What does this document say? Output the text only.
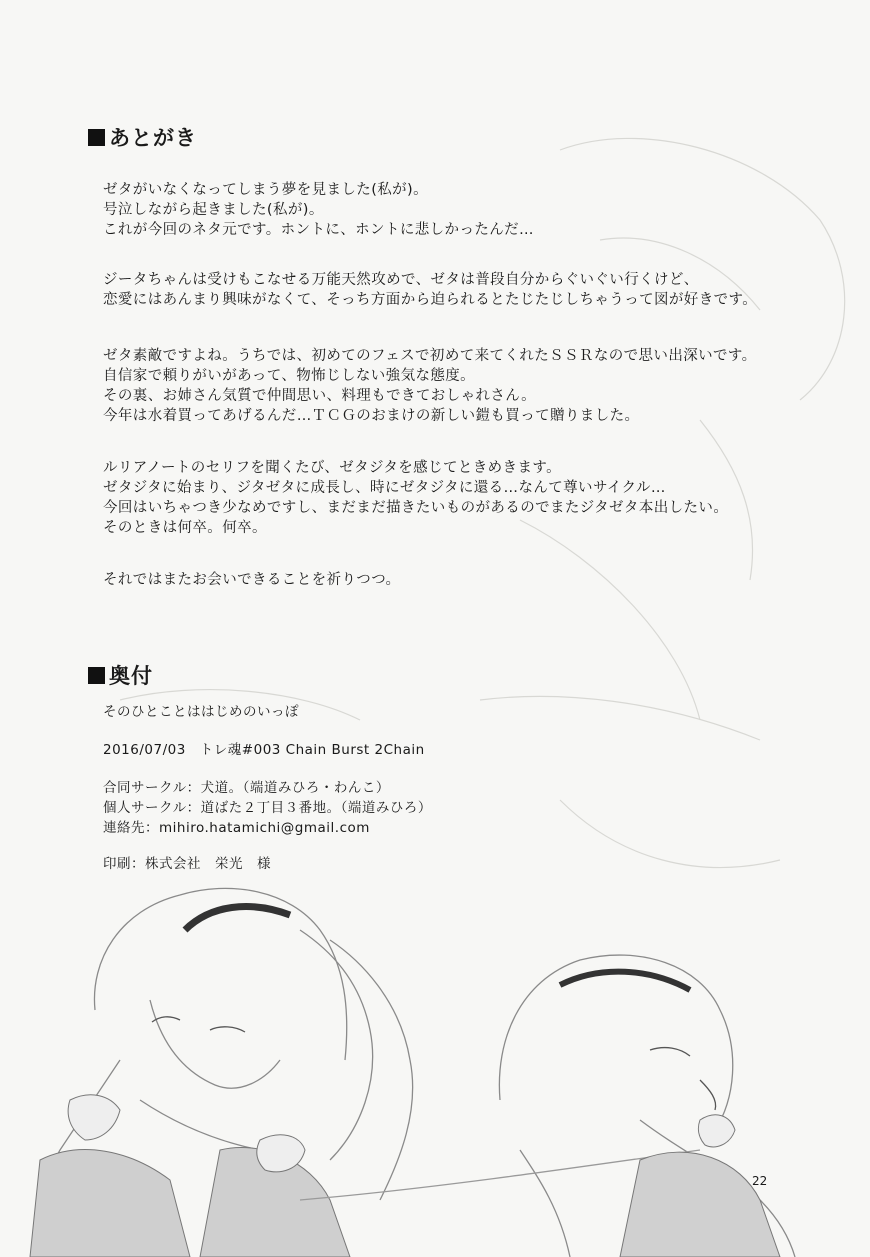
あとがき
ゼタがいなくなってしまう夢を見ました(私が)。
号泣しながら起きました(私が)。
これが今回のネタ元です。ホントに、ホントに悲しかったんだ…
ジータちゃんは受けもこなせる万能天然攻めで、ゼタは普段自分からぐいぐい行くけど、
恋愛にはあんまり興味がなくて、そっち方面から迫られるとたじたじしちゃうって図が好きです。
ゼタ素敵ですよね。うちでは、初めてのフェスで初めて来てくれたＳＳＲなので思い出深いです。
自信家で頼りがいがあって、物怖じしない強気な態度。
その裏、お姉さん気質で仲間思い、料理もできておしゃれさん。
今年は水着買ってあげるんだ…ＴＣＧのおまけの新しい鎧も買って贈りました。
ルリアノートのセリフを聞くたび、ゼタジタを感じてときめきます。
ゼタジタに始まり、ジタゼタに成長し、時にゼタジタに還る…なんて尊いサイクル…
今回はいちゃつき少なめですし、まだまだ描きたいものがあるのでまたジタゼタ本出したい。
そのときは何卒。何卒。
それではまたお会いできることを祈りつつ。
奥付
そのひとことははじめのいっぽ
2016/07/03　トレ魂#003 Chain Burst 2Chain
合同サークル：犬道。（端道みひろ・わんこ）
個人サークル：道ばた２丁目３番地。（端道みひろ）
連絡先：mihiro.hatamichi@gmail.com
印刷：株式会社　栄光　様
22
